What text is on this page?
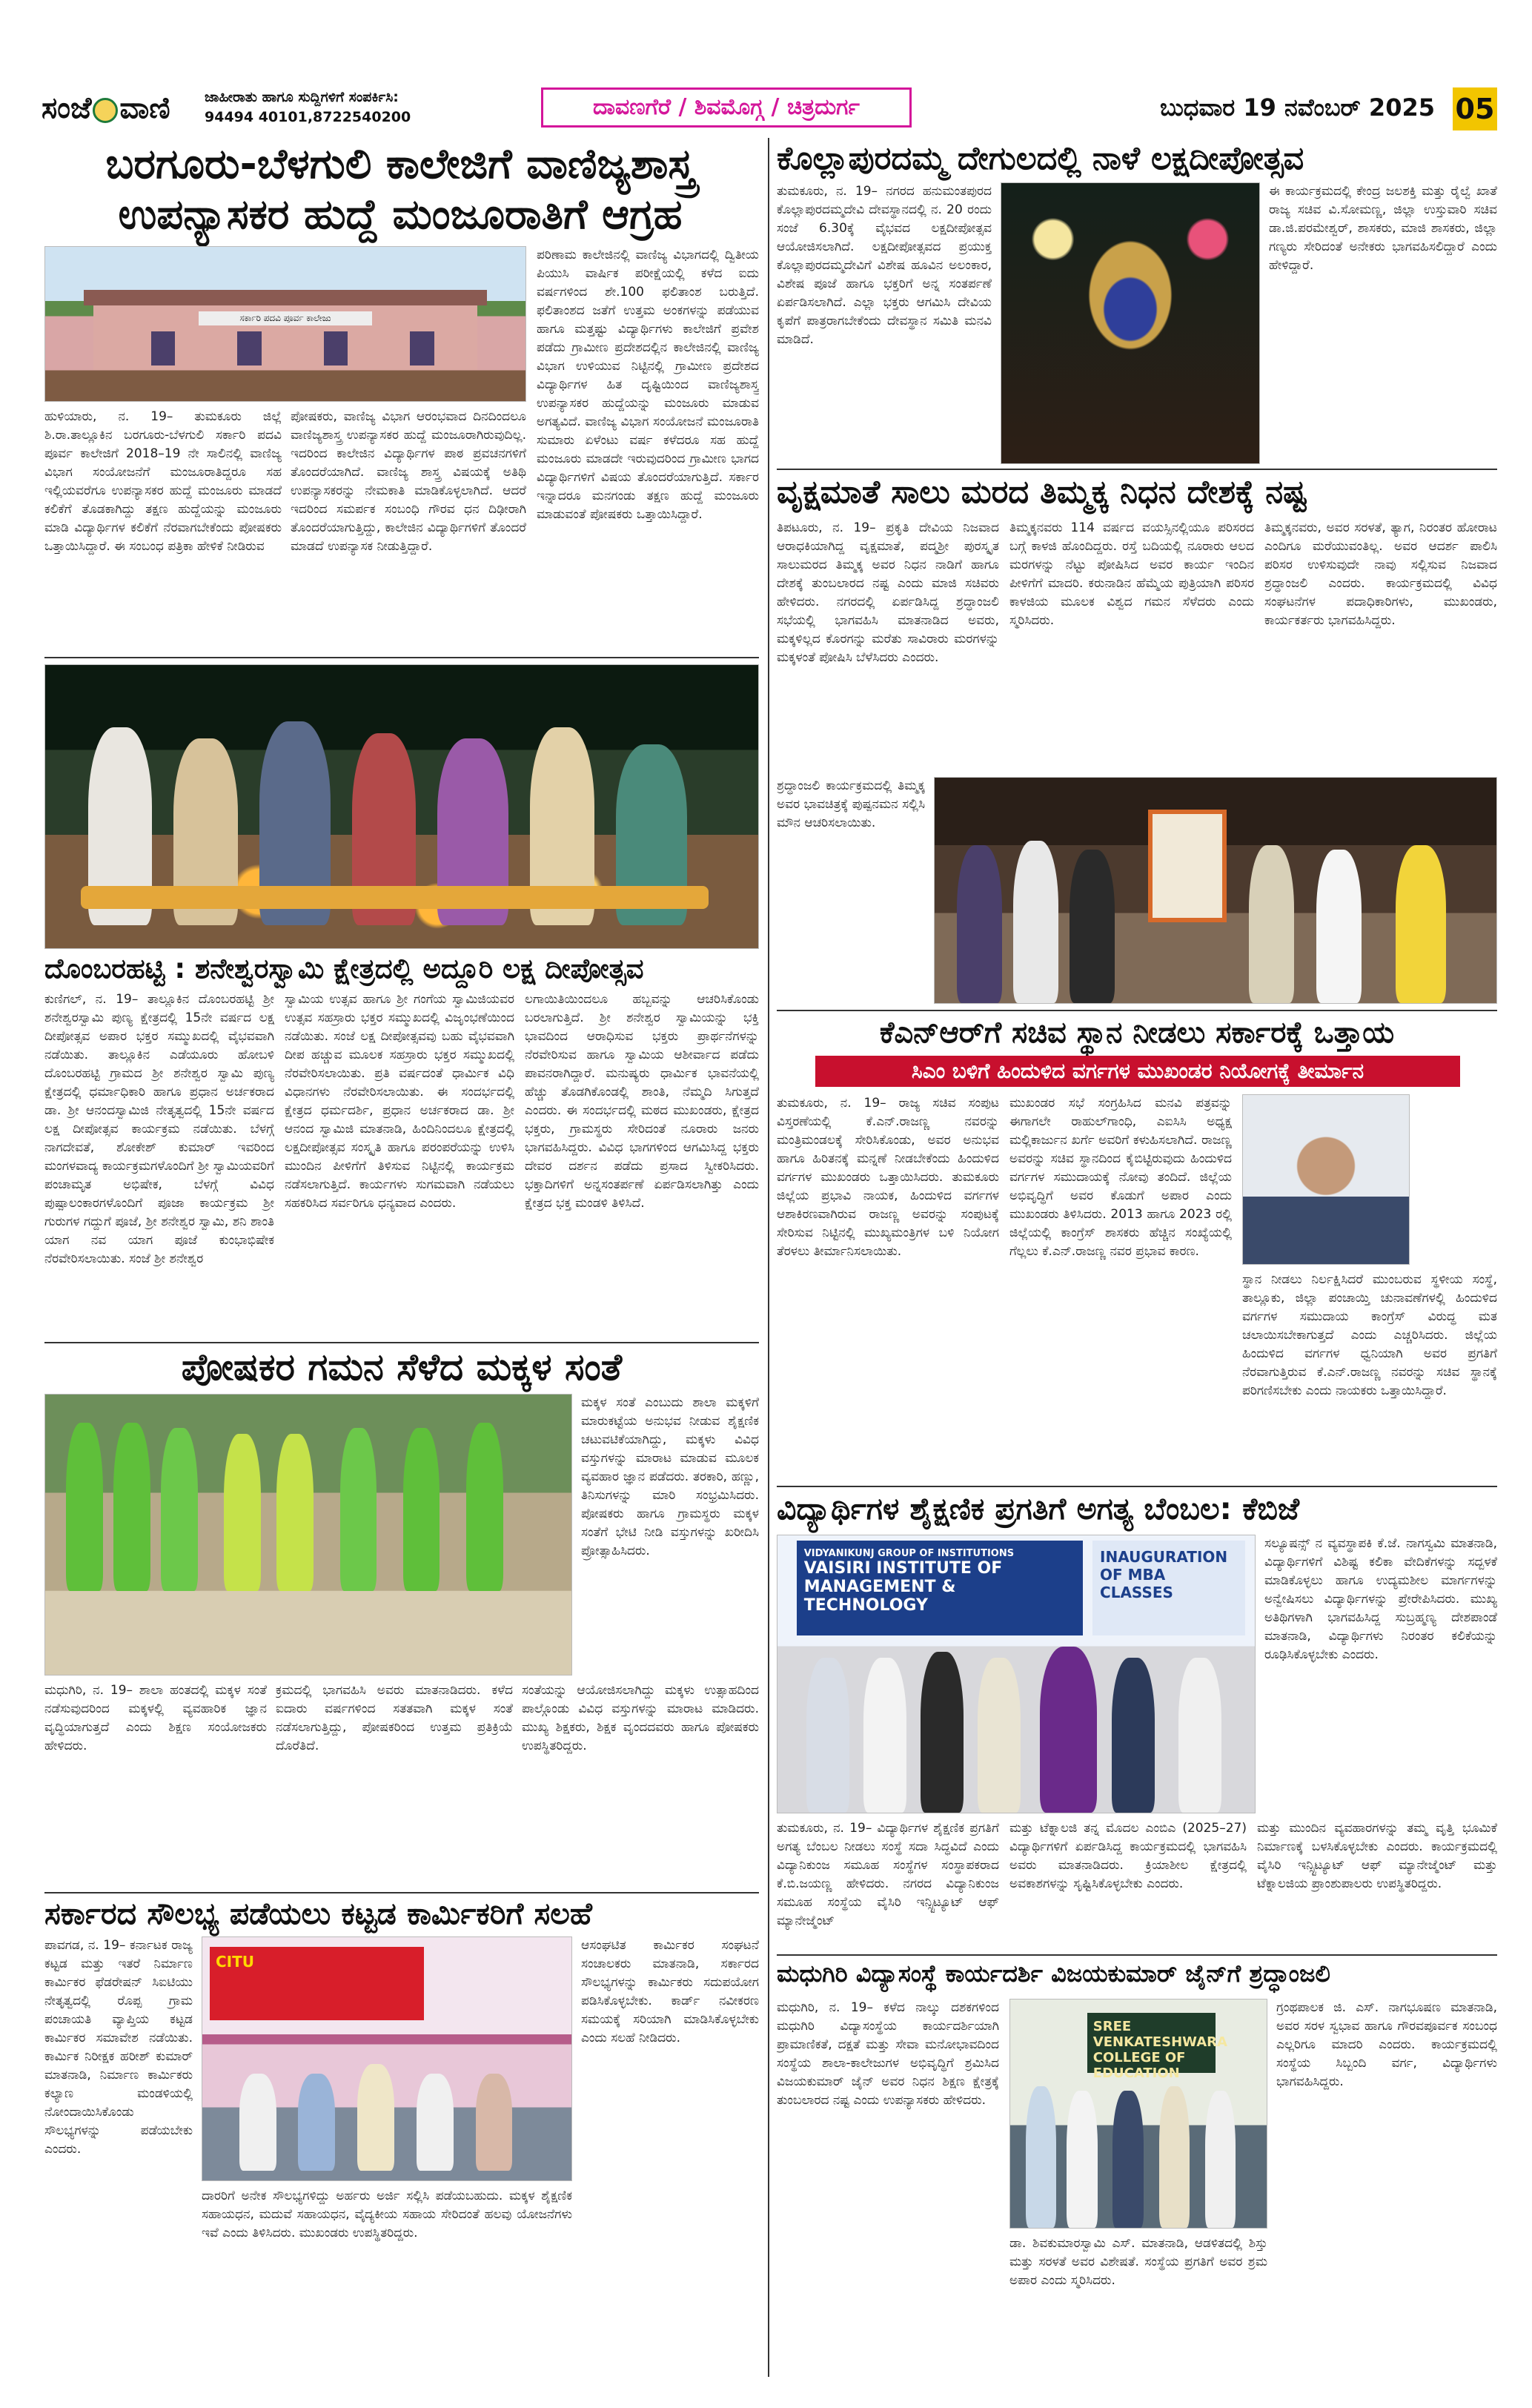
ಸಂಜೆ ವಾಣಿ	ಜಾಹೀರಾತು ಹಾಗೂ ಸುದ್ದಿಗಳಿಗೆ ಸಂಪರ್ಕಿಸಿ:
94494 40101,8722540200	ದಾವಣಗೆರೆ / ಶಿವಮೊಗ್ಗ / ಚಿತ್ರದುರ್ಗ	ಬುಧವಾರ 19 ನವೆಂಬರ್ 2025 05
ಬರಗೂರು-ಬೆಳಗುಲಿ ಕಾಲೇಜಿಗೆ ವಾಣಿಜ್ಯಶಾಸ್ತ್ರ
ಉಪನ್ಯಾಸಕರ ಹುದ್ದೆ ಮಂಜೂರಾತಿಗೆ ಆಗ್ರಹ
ಸರ್ಕಾರಿ ಪದವಿ ಪೂರ್ವ ಕಾಲೇಜು
ಹುಳಿಯಾರು, ನ. 19– ತುಮಕೂರು ಜಿಲ್ಲೆ ಶಿ.ರಾ.ತಾಲ್ಲೂಕಿನ ಬರಗೂರು-ಬೆಳಗುಲಿ ಸರ್ಕಾರಿ ಪದವಿ ಪೂರ್ವ ಕಾಲೇಜಿಗೆ 2018–19 ನೇ ಸಾಲಿನಲ್ಲಿ ವಾಣಿಜ್ಯ ವಿಭಾಗ ಸಂಯೋಜನೆಗೆ ಮಂಜೂರಾತಿದ್ದರೂ ಸಹ ಇಲ್ಲಿಯವರೆಗೂ ಉಪನ್ಯಾಸಕರ ಹುದ್ದೆ ಮಂಜೂರು ಮಾಡದೆ ಕಲಿಕೆಗೆ ತೊಡಕಾಗಿದ್ದು ತಕ್ಷಣ ಹುದ್ದೆಯನ್ನು ಮಂಜೂರು ಮಾಡಿ ವಿದ್ಯಾರ್ಥಿಗಳ ಕಲಿಕೆಗೆ ನೆರವಾಗಬೇಕೆಂದು ಪೋಷಕರು ಒತ್ತಾಯಿಸಿದ್ದಾರೆ. ಈ ಸಂಬಂಧ ಪತ್ರಿಕಾ ಹೇಳಿಕೆ ನೀಡಿರುವ
ಪೋಷಕರು, ವಾಣಿಜ್ಯ ವಿಭಾಗ ಆರಂಭವಾದ ದಿನದಿಂದಲೂ ವಾಣಿಜ್ಯಶಾಸ್ತ್ರ ಉಪನ್ಯಾಸಕರ ಹುದ್ದೆ ಮಂಜೂರಾಗಿರುವುದಿಲ್ಲ. ಇದರಿಂದ ಕಾಲೇಜಿನ ವಿದ್ಯಾರ್ಥಿಗಳ ಪಾಠ ಪ್ರವಚನಗಳಿಗೆ ತೊಂದರೆಯಾಗಿದೆ. ವಾಣಿಜ್ಯ ಶಾಸ್ತ್ರ ವಿಷಯಕ್ಕೆ ಅತಿಥಿ ಉಪನ್ಯಾಸಕರನ್ನು ನೇಮಕಾತಿ ಮಾಡಿಕೊಳ್ಳಲಾಗಿದೆ. ಆದರೆ ಇದರಿಂದ ಸಮರ್ಪಕ ಸಂಬಂಧಿ ಗೌರವ ಧನ ದಿಢೀರಾಗಿ ತೊಂದರೆಯಾಗುತ್ತಿದ್ದು, ಕಾಲೇಜಿನ ವಿದ್ಯಾರ್ಥಿಗಳಿಗೆ ತೊಂದರೆ ಮಾಡದೆ ಉಪನ್ಯಾಸಕ ನೀಡುತ್ತಿದ್ದಾರೆ.
ಪರಿಣಾಮ ಕಾಲೇಜಿನಲ್ಲಿ ವಾಣಿಜ್ಯ ವಿಭಾಗದಲ್ಲಿ ದ್ವಿತೀಯ ಪಿಯುಸಿ ವಾರ್ಷಿಕ ಪರೀಕ್ಷೆಯಲ್ಲಿ ಕಳೆದ ಐದು ವರ್ಷಗಳಿಂದ ಶೇ.100 ಫಲಿತಾಂಶ ಬರುತ್ತಿದೆ. ಫಲಿತಾಂಶದ ಜತೆಗೆ ಉತ್ತಮ ಅಂಕಗಳನ್ನು ಪಡೆಯುವ ಹಾಗೂ ಮತ್ತಷ್ಟು ವಿದ್ಯಾರ್ಥಿಗಳು ಕಾಲೇಜಿಗೆ ಪ್ರವೇಶ ಪಡೆದು ಗ್ರಾಮೀಣ ಪ್ರದೇಶದಲ್ಲಿನ ಕಾಲೇಜಿನಲ್ಲಿ ವಾಣಿಜ್ಯ ವಿಭಾಗ ಉಳಿಯುವ ನಿಟ್ಟಿನಲ್ಲಿ ಗ್ರಾಮೀಣ ಪ್ರದೇಶದ ವಿದ್ಯಾರ್ಥಿಗಳ ಹಿತ ದೃಷ್ಟಿಯಿಂದ ವಾಣಿಜ್ಯಶಾಸ್ತ್ರ ಉಪನ್ಯಾಸಕರ ಹುದ್ದೆಯನ್ನು ಮಂಜೂರು ಮಾಡುವ ಅಗತ್ಯವಿದೆ. ವಾಣಿಜ್ಯ ವಿಭಾಗ ಸಂಯೋಜನೆ ಮಂಜೂರಾತಿ ಸುಮಾರು ಏಳೆಂಟು ವರ್ಷ ಕಳೆದರೂ ಸಹ ಹುದ್ದೆ ಮಂಜೂರು ಮಾಡದೇ ಇರುವುದರಿಂದ ಗ್ರಾಮೀಣ ಭಾಗದ ವಿದ್ಯಾರ್ಥಿಗಳಿಗೆ ವಿಷಯ ತೊಂದರೆಯಾಗುತ್ತಿದೆ. ಸರ್ಕಾರ ಇನ್ನಾದರೂ ಮನಗಂಡು ತಕ್ಷಣ ಹುದ್ದೆ ಮಂಜೂರು ಮಾಡುವಂತೆ ಪೋಷಕರು ಒತ್ತಾಯಿಸಿದ್ದಾರೆ.
ದೊಂಬರಹಟ್ಟಿ : ಶನೇಶ್ವರಸ್ವಾಮಿ ಕ್ಷೇತ್ರದಲ್ಲಿ ಅದ್ದೂರಿ ಲಕ್ಷ ದೀಪೋತ್ಸವ
ಕುಣಿಗಲ್, ನ. 19– ತಾಲ್ಲೂಕಿನ ದೊಂಬರಹಟ್ಟಿ ಶ್ರೀ ಶನೇಶ್ವರಸ್ವಾಮಿ ಪುಣ್ಯ ಕ್ಷೇತ್ರದಲ್ಲಿ 15ನೇ ವರ್ಷದ ಲಕ್ಷ ದೀಪೋತ್ಸವ ಅಪಾರ ಭಕ್ತರ ಸಮ್ಮುಖದಲ್ಲಿ ವೈಭವವಾಗಿ ನಡೆಯಿತು. ತಾಲ್ಲೂಕಿನ ಎಡೆಯೂರು ಹೋಬಳಿ ದೊಂಬರಹಟ್ಟಿ ಗ್ರಾಮದ ಶ್ರೀ ಶನೇಶ್ವರ ಸ್ವಾಮಿ ಪುಣ್ಯ ಕ್ಷೇತ್ರದಲ್ಲಿ ಧರ್ಮಾಧಿಕಾರಿ ಹಾಗೂ ಪ್ರಧಾನ ಅರ್ಚಕರಾದ ಡಾ. ಶ್ರೀ ಆನಂದಸ್ವಾಮಿಜಿ ನೇತೃತ್ವದಲ್ಲಿ 15ನೇ ವರ್ಷದ ಲಕ್ಷ ದೀಪೋತ್ಸವ ಕಾರ್ಯಕ್ರಮ ನಡೆಯಿತು. ಬೆಳಗ್ಗೆ ನಾಗದೇವತೆ, ಶೋಕೇಶ್ ಕುಮಾರ್ ಇವರಿಂದ ಮಂಗಳವಾದ್ಯ ಕಾರ್ಯಕ್ರಮಗಳೊಂದಿಗೆ ಶ್ರೀ ಸ್ವಾಮಿಯವರಿಗೆ ಪಂಚಾಮೃತ ಅಭಿಷೇಕ, ಬೆಳಗ್ಗೆ ವಿವಿಧ ಪುಷ್ಪಾಲಂಕಾರಗಳೊಂದಿಗೆ ಪೂಜಾ ಕಾರ್ಯಕ್ರಮ ಶ್ರೀ ಗುರುಗಳ ಗದ್ದುಗೆ ಪೂಜೆ, ಶ್ರೀ ಶನೇಶ್ವರ ಸ್ವಾಮಿ, ಶನಿ ಶಾಂತಿ ಯಾಗ ನವ ಯಾಗ ಪೂಜೆ ಕುಂಭಾಭಿಷೇಕ ನೆರವೇರಿಸಲಾಯಿತು. ಸಂಜೆ ಶ್ರೀ ಶನೇಶ್ವರ
ಸ್ವಾಮಿಯ ಉತ್ಸವ ಹಾಗೂ ಶ್ರೀ ಗಂಗೆಯ ಸ್ವಾಮಿಜಿಯವರ ಉತ್ಸವ ಸಹಸ್ರಾರು ಭಕ್ತರ ಸಮ್ಮುಖದಲ್ಲಿ ವಿಜೃಂಭಣೆಯಿಂದ ನಡೆಯಿತು. ಸಂಜೆ ಲಕ್ಷ ದೀಪೋತ್ಸವವು ಬಹು ವೈಭವವಾಗಿ ದೀಪ ಹಚ್ಚುವ ಮೂಲಕ ಸಹಸ್ರಾರು ಭಕ್ತರ ಸಮ್ಮುಖದಲ್ಲಿ ನೆರವೇರಿಸಲಾಯಿತು. ಪ್ರತಿ ವರ್ಷದಂತೆ ಧಾರ್ಮಿಕ ವಿಧಿ ವಿಧಾನಗಳು ನೆರವೇರಿಸಲಾಯಿತು. ಈ ಸಂದರ್ಭದಲ್ಲಿ ಕ್ಷೇತ್ರದ ಧರ್ಮದರ್ಶಿ, ಪ್ರಧಾನ ಅರ್ಚಕರಾದ ಡಾ. ಶ್ರೀ ಆನಂದ ಸ್ವಾಮಿಜಿ ಮಾತನಾಡಿ, ಹಿಂದಿನಿಂದಲೂ ಕ್ಷೇತ್ರದಲ್ಲಿ ಲಕ್ಷದೀಪೋತ್ಸವ ಸಂಸ್ಕೃತಿ ಹಾಗೂ ಪರಂಪರೆಯನ್ನು ಉಳಿಸಿ ಮುಂದಿನ ಪೀಳಿಗೆಗೆ ತಿಳಿಸುವ ನಿಟ್ಟಿನಲ್ಲಿ ಕಾರ್ಯಕ್ರಮ ನಡೆಸಲಾಗುತ್ತಿದೆ. ಕಾರ್ಯಗಳು ಸುಗಮವಾಗಿ ನಡೆಯಲು ಸಹಕರಿಸಿದ ಸರ್ವರಿಗೂ ಧನ್ಯವಾದ ಎಂದರು.
ಲಗಾಯಿತಿಯಿಂದಲೂ ಹಬ್ಬವನ್ನು ಆಚರಿಸಿಕೊಂಡು ಬರಲಾಗುತ್ತಿದೆ. ಶ್ರೀ ಶನೇಶ್ವರ ಸ್ವಾಮಿಯನ್ನು ಭಕ್ತಿ ಭಾವದಿಂದ ಆರಾಧಿಸುವ ಭಕ್ತರು ಪ್ರಾರ್ಥನೆಗಳನ್ನು ನೆರವೇರಿಸುವ ಹಾಗೂ ಸ್ವಾಮಿಯ ಆಶೀರ್ವಾದ ಪಡೆದು ಪಾವನರಾಗಿದ್ದಾರೆ. ಮನುಷ್ಯರು ಧಾರ್ಮಿಕ ಭಾವನೆಯಲ್ಲಿ ಹೆಚ್ಚು ತೊಡಗಿಕೊಂಡಲ್ಲಿ ಶಾಂತಿ, ನೆಮ್ಮದಿ ಸಿಗುತ್ತದೆ ಎಂದರು. ಈ ಸಂದರ್ಭದಲ್ಲಿ ಮಠದ ಮುಖಂಡರು, ಕ್ಷೇತ್ರದ ಭಕ್ತರು, ಗ್ರಾಮಸ್ಥರು ಸೇರಿದಂತೆ ನೂರಾರು ಜನರು ಭಾಗವಹಿಸಿದ್ದರು. ವಿವಿಧ ಭಾಗಗಳಿಂದ ಆಗಮಿಸಿದ್ದ ಭಕ್ತರು ದೇವರ ದರ್ಶನ ಪಡೆದು ಪ್ರಸಾದ ಸ್ವೀಕರಿಸಿದರು. ಭಕ್ತಾದಿಗಳಿಗೆ ಅನ್ನಸಂತರ್ಪಣೆ ಏರ್ಪಡಿಸಲಾಗಿತ್ತು ಎಂದು ಕ್ಷೇತ್ರದ ಭಕ್ತ ಮಂಡಳಿ ತಿಳಿಸಿದೆ.
ಪೋಷಕರ ಗಮನ ಸೆಳೆದ ಮಕ್ಕಳ ಸಂತೆ
ಮಕ್ಕಳ ಸಂತೆ ಎಂಬುದು ಶಾಲಾ ಮಕ್ಕಳಿಗೆ ಮಾರುಕಟ್ಟೆಯ ಅನುಭವ ನೀಡುವ ಶೈಕ್ಷಣಿಕ ಚಟುವಟಿಕೆಯಾಗಿದ್ದು, ಮಕ್ಕಳು ವಿವಿಧ ವಸ್ತುಗಳನ್ನು ಮಾರಾಟ ಮಾಡುವ ಮೂಲಕ ವ್ಯವಹಾರ ಜ್ಞಾನ ಪಡೆದರು. ತರಕಾರಿ, ಹಣ್ಣು, ತಿನಿಸುಗಳನ್ನು ಮಾರಿ ಸಂಭ್ರಮಿಸಿದರು. ಪೋಷಕರು ಹಾಗೂ ಗ್ರಾಮಸ್ಥರು ಮಕ್ಕಳ ಸಂತೆಗೆ ಭೇಟಿ ನೀಡಿ ವಸ್ತುಗಳನ್ನು ಖರೀದಿಸಿ ಪ್ರೋತ್ಸಾಹಿಸಿದರು.
ಮಧುಗಿರಿ, ನ. 19– ಶಾಲಾ ಹಂತದಲ್ಲಿ ಮಕ್ಕಳ ಸಂತೆ ನಡೆಸುವುದರಿಂದ ಮಕ್ಕಳಲ್ಲಿ ವ್ಯವಹಾರಿಕ ಜ್ಞಾನ ವೃದ್ಧಿಯಾಗುತ್ತದೆ ಎಂದು ಶಿಕ್ಷಣ ಸಂಯೋಜಕರು ಹೇಳಿದರು.
ಕ್ರಮದಲ್ಲಿ ಭಾಗವಹಿಸಿ ಅವರು ಮಾತನಾಡಿದರು. ಕಳೆದ ಐದಾರು ವರ್ಷಗಳಿಂದ ಸತತವಾಗಿ ಮಕ್ಕಳ ಸಂತೆ ನಡೆಸಲಾಗುತ್ತಿದ್ದು, ಪೋಷಕರಿಂದ ಉತ್ತಮ ಪ್ರತಿಕ್ರಿಯೆ ದೊರೆತಿದೆ.
ಸಂತೆಯನ್ನು ಆಯೋಜಿಸಲಾಗಿದ್ದು ಮಕ್ಕಳು ಉತ್ಸಾಹದಿಂದ ಪಾಲ್ಗೊಂಡು ವಿವಿಧ ವಸ್ತುಗಳನ್ನು ಮಾರಾಟ ಮಾಡಿದರು. ಮುಖ್ಯ ಶಿಕ್ಷಕರು, ಶಿಕ್ಷಕ ವೃಂದದವರು ಹಾಗೂ ಪೋಷಕರು ಉಪಸ್ಥಿತರಿದ್ದರು.
ಸರ್ಕಾರದ ಸೌಲಭ್ಯ ಪಡೆಯಲು ಕಟ್ಟಡ ಕಾರ್ಮಿಕರಿಗೆ ಸಲಹೆ
ಪಾವಗಡ, ನ. 19– ಕರ್ನಾಟಕ ರಾಜ್ಯ ಕಟ್ಟಡ ಮತ್ತು ಇತರೆ ನಿರ್ಮಾಣ ಕಾರ್ಮಿಕರ ಫೆಡರೇಷನ್ ಸಿಐಟಿಯು ನೇತೃತ್ವದಲ್ಲಿ ರೊಪ್ಪ ಗ್ರಾಮ ಪಂಚಾಯತಿ ವ್ಯಾಪ್ತಿಯ ಕಟ್ಟಡ ಕಾರ್ಮಿಕರ ಸಮಾವೇಶ ನಡೆಯಿತು. ಕಾರ್ಮಿಕ ನಿರೀಕ್ಷಕ ಹರೀಶ್ ಕುಮಾರ್ ಮಾತನಾಡಿ, ನಿರ್ಮಾಣ ಕಾರ್ಮಿಕರು ಕಲ್ಯಾಣ ಮಂಡಳಿಯಲ್ಲಿ ನೋಂದಾಯಿಸಿಕೊಂಡು ಸೌಲಭ್ಯಗಳನ್ನು ಪಡೆಯಬೇಕು ಎಂದರು.
CITU
ದಾರರಿಗೆ ಅನೇಕ ಸೌಲಭ್ಯಗಳಿದ್ದು ಅರ್ಹರು ಅರ್ಜಿ ಸಲ್ಲಿಸಿ ಪಡೆಯಬಹುದು. ಮಕ್ಕಳ ಶೈಕ್ಷಣಿಕ ಸಹಾಯಧನ, ಮದುವೆ ಸಹಾಯಧನ, ವೈದ್ಯಕೀಯ ಸಹಾಯ ಸೇರಿದಂತೆ ಹಲವು ಯೋಜನೆಗಳು ಇವೆ ಎಂದು ತಿಳಿಸಿದರು. ಮುಖಂಡರು ಉಪಸ್ಥಿತರಿದ್ದರು.
ಆಸಂಘಟಿತ ಕಾರ್ಮಿಕರ ಸಂಘಟನೆ ಸಂಚಾಲಕರು ಮಾತನಾಡಿ, ಸರ್ಕಾರದ ಸೌಲಭ್ಯಗಳನ್ನು ಕಾರ್ಮಿಕರು ಸದುಪಯೋಗ ಪಡಿಸಿಕೊಳ್ಳಬೇಕು. ಕಾರ್ಡ್ ನವೀಕರಣ ಸಮಯಕ್ಕೆ ಸರಿಯಾಗಿ ಮಾಡಿಸಿಕೊಳ್ಳಬೇಕು ಎಂದು ಸಲಹೆ ನೀಡಿದರು.
ಕೊಲ್ಲಾಪುರದಮ್ಮ ದೇಗುಲದಲ್ಲಿ ನಾಳೆ ಲಕ್ಷದೀಪೋತ್ಸವ
ತುಮಕೂರು, ನ. 19– ನಗರದ ಹನುಮಂತಪುರದ ಕೊಲ್ಲಾಪುರದಮ್ಮದೇವಿ ದೇವಸ್ಥಾನದಲ್ಲಿ ನ. 20 ರಂದು ಸಂಜೆ 6.30ಕ್ಕೆ ವೈಭವದ ಲಕ್ಷದೀಪೋತ್ಸವ ಆಯೋಜಿಸಲಾಗಿದೆ. ಲಕ್ಷದೀಪೋತ್ಸವದ ಪ್ರಯುಕ್ತ ಕೊಲ್ಲಾಪುರದಮ್ಮದೇವಿಗೆ ವಿಶೇಷ ಹೂವಿನ ಅಲಂಕಾರ, ವಿಶೇಷ ಪೂಜೆ ಹಾಗೂ ಭಕ್ತರಿಗೆ ಅನ್ನ ಸಂತರ್ಪಣೆ ಏರ್ಪಡಿಸಲಾಗಿದೆ. ಎಲ್ಲಾ ಭಕ್ತರು ಆಗಮಿಸಿ ದೇವಿಯ ಕೃಪೆಗೆ ಪಾತ್ರರಾಗಬೇಕೆಂದು ದೇವಸ್ಥಾನ ಸಮಿತಿ ಮನವಿ ಮಾಡಿದೆ.
ಈ ಕಾರ್ಯಕ್ರಮದಲ್ಲಿ ಕೇಂದ್ರ ಜಲಶಕ್ತಿ ಮತ್ತು ರೈಲ್ವೆ ಖಾತೆ ರಾಜ್ಯ ಸಚಿವ ವಿ.ಸೋಮಣ್ಣ, ಜಿಲ್ಲಾ ಉಸ್ತುವಾರಿ ಸಚಿವ ಡಾ.ಜಿ.ಪರಮೇಶ್ವರ್, ಶಾಸಕರು, ಮಾಜಿ ಶಾಸಕರು, ಜಿಲ್ಲಾ ಗಣ್ಯರು ಸೇರಿದಂತೆ ಅನೇಕರು ಭಾಗವಹಿಸಲಿದ್ದಾರೆ ಎಂದು ಹೇಳಿದ್ದಾರೆ.
ವೃಕ್ಷಮಾತೆ ಸಾಲು ಮರದ ತಿಮ್ಮಕ್ಕ ನಿಧನ ದೇಶಕ್ಕೆ ನಷ್ಟ
ತಿಪಟೂರು, ನ. 19– ಪ್ರಕೃತಿ ದೇವಿಯ ನಿಜವಾದ ಆರಾಧಕಿಯಾಗಿದ್ದ ವೃಕ್ಷಮಾತೆ, ಪದ್ಮಶ್ರೀ ಪುರಸ್ಕೃತ ಸಾಲುಮರದ ತಿಮ್ಮಕ್ಕ ಅವರ ನಿಧನ ನಾಡಿಗೆ ಹಾಗೂ ದೇಶಕ್ಕೆ ತುಂಬಲಾರದ ನಷ್ಟ ಎಂದು ಮಾಜಿ ಸಚಿವರು ಹೇಳಿದರು. ನಗರದಲ್ಲಿ ಏರ್ಪಡಿಸಿದ್ದ ಶ್ರದ್ಧಾಂಜಲಿ ಸಭೆಯಲ್ಲಿ ಭಾಗವಹಿಸಿ ಮಾತನಾಡಿದ ಅವರು, ಮಕ್ಕಳಿಲ್ಲದ ಕೊರಗನ್ನು ಮರೆತು ಸಾವಿರಾರು ಮರಗಳನ್ನು ಮಕ್ಕಳಂತೆ ಪೋಷಿಸಿ ಬೆಳೆಸಿದರು ಎಂದರು.
ತಿಮ್ಮಕ್ಕನವರು 114 ವರ್ಷದ ವಯಸ್ಸಿನಲ್ಲಿಯೂ ಪರಿಸರದ ಬಗ್ಗೆ ಕಾಳಜಿ ಹೊಂದಿದ್ದರು. ರಸ್ತೆ ಬದಿಯಲ್ಲಿ ನೂರಾರು ಆಲದ ಮರಗಳನ್ನು ನೆಟ್ಟು ಪೋಷಿಸಿದ ಅವರ ಕಾರ್ಯ ಇಂದಿನ ಪೀಳಿಗೆಗೆ ಮಾದರಿ. ಕರುನಾಡಿನ ಹೆಮ್ಮೆಯ ಪುತ್ರಿಯಾಗಿ ಪರಿಸರ ಕಾಳಜಿಯ ಮೂಲಕ ವಿಶ್ವದ ಗಮನ ಸೆಳೆದರು ಎಂದು ಸ್ಮರಿಸಿದರು.
ತಿಮ್ಮಕ್ಕನವರು, ಅವರ ಸರಳತೆ, ತ್ಯಾಗ, ನಿರಂತರ ಹೋರಾಟ ಎಂದಿಗೂ ಮರೆಯುವಂತಿಲ್ಲ. ಅವರ ಆದರ್ಶ ಪಾಲಿಸಿ ಪರಿಸರ ಉಳಿಸುವುದೇ ನಾವು ಸಲ್ಲಿಸುವ ನಿಜವಾದ ಶ್ರದ್ಧಾಂಜಲಿ ಎಂದರು. ಕಾರ್ಯಕ್ರಮದಲ್ಲಿ ವಿವಿಧ ಸಂಘಟನೆಗಳ ಪದಾಧಿಕಾರಿಗಳು, ಮುಖಂಡರು, ಕಾರ್ಯಕರ್ತರು ಭಾಗವಹಿಸಿದ್ದರು.
ಶ್ರದ್ಧಾಂಜಲಿ ಕಾರ್ಯಕ್ರಮದಲ್ಲಿ ತಿಮ್ಮಕ್ಕ ಅವರ ಭಾವಚಿತ್ರಕ್ಕೆ ಪುಷ್ಪನಮನ ಸಲ್ಲಿಸಿ ಮೌನ ಆಚರಿಸಲಾಯಿತು.
ಕೆಎನ್‌ಆರ್‌ಗೆ ಸಚಿವ ಸ್ಥಾನ ನೀಡಲು ಸರ್ಕಾರಕ್ಕೆ ಒತ್ತಾಯ
ಸಿಎಂ ಬಳಿಗೆ ಹಿಂದುಳಿದ ವರ್ಗಗಳ ಮುಖಂಡರ ನಿಯೋಗಕ್ಕೆ ತೀರ್ಮಾನ
ತುಮಕೂರು, ನ. 19– ರಾಜ್ಯ ಸಚಿವ ಸಂಪುಟ ವಿಸ್ತರಣೆಯಲ್ಲಿ ಕೆ.ಎನ್.ರಾಜಣ್ಣ ನವರನ್ನು ಮಂತ್ರಿಮಂಡಲಕ್ಕೆ ಸೇರಿಸಿಕೊಂಡು, ಅವರ ಅನುಭವ ಹಾಗೂ ಹಿರಿತನಕ್ಕೆ ಮನ್ನಣೆ ನೀಡಬೇಕೆಂದು ಹಿಂದುಳಿದ ವರ್ಗಗಳ ಮುಖಂಡರು ಒತ್ತಾಯಿಸಿದರು. ತುಮಕೂರು ಜಿಲ್ಲೆಯ ಪ್ರಭಾವಿ ನಾಯಕ, ಹಿಂದುಳಿದ ವರ್ಗಗಳ ಆಶಾಕಿರಣವಾಗಿರುವ ರಾಜಣ್ಣ ಅವರನ್ನು ಸಂಪುಟಕ್ಕೆ ಸೇರಿಸುವ ನಿಟ್ಟಿನಲ್ಲಿ ಮುಖ್ಯಮಂತ್ರಿಗಳ ಬಳಿ ನಿಯೋಗ ತೆರಳಲು ತೀರ್ಮಾನಿಸಲಾಯಿತು.
ಮುಖಂಡರ ಸಭೆ ಸಂಗ್ರಹಿಸಿದ ಮನವಿ ಪತ್ರವನ್ನು ಈಗಾಗಲೇ ರಾಹುಲ್‌ಗಾಂಧಿ, ಎಐಸಿಸಿ ಅಧ್ಯಕ್ಷ ಮಲ್ಲಿಕಾರ್ಜುನ ಖರ್ಗೆ ಅವರಿಗೆ ಕಳುಹಿಸಲಾಗಿದೆ. ರಾಜಣ್ಣ ಅವರನ್ನು ಸಚಿವ ಸ್ಥಾನದಿಂದ ಕೈಬಿಟ್ಟಿರುವುದು ಹಿಂದುಳಿದ ವರ್ಗಗಳ ಸಮುದಾಯಕ್ಕೆ ನೋವು ತಂದಿದೆ. ಜಿಲ್ಲೆಯ ಅಭಿವೃದ್ಧಿಗೆ ಅವರ ಕೊಡುಗೆ ಅಪಾರ ಎಂದು ಮುಖಂಡರು ತಿಳಿಸಿದರು. 2013 ಹಾಗೂ 2023 ರಲ್ಲಿ ಜಿಲ್ಲೆಯಲ್ಲಿ ಕಾಂಗ್ರೆಸ್ ಶಾಸಕರು ಹೆಚ್ಚಿನ ಸಂಖ್ಯೆಯಲ್ಲಿ ಗೆಲ್ಲಲು ಕೆ.ಎನ್.ರಾಜಣ್ಣ ನವರ ಪ್ರಭಾವ ಕಾರಣ.
ಸ್ಥಾನ ನೀಡಲು ನಿರ್ಲಕ್ಷಿಸಿದರೆ ಮುಂಬರುವ ಸ್ಥಳೀಯ ಸಂಸ್ಥೆ, ತಾಲ್ಲೂಕು, ಜಿಲ್ಲಾ ಪಂಚಾಯ್ತಿ ಚುನಾವಣೆಗಳಲ್ಲಿ ಹಿಂದುಳಿದ ವರ್ಗಗಳ ಸಮುದಾಯ ಕಾಂಗ್ರೆಸ್ ವಿರುದ್ಧ ಮತ ಚಲಾಯಿಸಬೇಕಾಗುತ್ತದೆ ಎಂದು ಎಚ್ಚರಿಸಿದರು. ಜಿಲ್ಲೆಯ ಹಿಂದುಳಿದ ವರ್ಗಗಳ ಧ್ವನಿಯಾಗಿ ಅವರ ಪ್ರಗತಿಗೆ ನೆರವಾಗುತ್ತಿರುವ ಕೆ.ಎನ್.ರಾಜಣ್ಣ ನವರನ್ನು ಸಚಿವ ಸ್ಥಾನಕ್ಕೆ ಪರಿಗಣಿಸಬೇಕು ಎಂದು ನಾಯಕರು ಒತ್ತಾಯಿಸಿದ್ದಾರೆ.
ವಿದ್ಯಾರ್ಥಿಗಳ ಶೈಕ್ಷಣಿಕ ಪ್ರಗತಿಗೆ ಅಗತ್ಯ ಬೆಂಬಲ: ಕೆಬಿಜೆ
VIDYANIKUNJ GROUP OF INSTITUTIONS
VAISIRI INSTITUTE OF MANAGEMENT & TECHNOLOGY
INAUGURATION OF MBA CLASSES
ಸಲ್ಯೂಷನ್ಸ್ ನ ವ್ಯವಸ್ಥಾಪಕಿ ಕೆ.ಜೆ. ನಾಗಸ್ವಮಿ ಮಾತನಾಡಿ, ವಿದ್ಯಾರ್ಥಿಗಳಿಗೆ ವಿಶಿಷ್ಟ ಕಲಿಕಾ ವೇದಿಕೆಗಳನ್ನು ಸದ್ಬಳಕೆ ಮಾಡಿಕೊಳ್ಳಲು ಹಾಗೂ ಉದ್ಯಮಶೀಲ ಮಾರ್ಗಗಳನ್ನು ಅನ್ವೇಷಿಸಲು ವಿದ್ಯಾರ್ಥಿಗಳನ್ನು ಪ್ರೇರೇಪಿಸಿದರು. ಮುಖ್ಯ ಅತಿಥಿಗಳಾಗಿ ಭಾಗವಹಿಸಿದ್ದ ಸುಬ್ರಹ್ಮಣ್ಯ ದೇಶಪಾಂಡೆ ಮಾತನಾಡಿ, ವಿದ್ಯಾರ್ಥಿಗಳು ನಿರಂತರ ಕಲಿಕೆಯನ್ನು ರೂಢಿಸಿಕೊಳ್ಳಬೇಕು ಎಂದರು.
ತುಮಕೂರು, ನ. 19– ವಿದ್ಯಾರ್ಥಿಗಳ ಶೈಕ್ಷಣಿಕ ಪ್ರಗತಿಗೆ ಅಗತ್ಯ ಬೆಂಬಲ ನೀಡಲು ಸಂಸ್ಥೆ ಸದಾ ಸಿದ್ಧವಿದೆ ಎಂದು ವಿದ್ಯಾನಿಕುಂಜ ಸಮೂಹ ಸಂಸ್ಥೆಗಳ ಸಂಸ್ಥಾಪಕರಾದ ಕೆ.ಬಿ.ಜಯಣ್ಣ ಹೇಳಿದರು. ನಗರದ ವಿದ್ಯಾನಿಕುಂಜ ಸಮೂಹ ಸಂಸ್ಥೆಯ ವೈಸಿರಿ ಇನ್ಸ್ಟಿಟ್ಯೂಟ್ ಆಫ್ ಮ್ಯಾನೇಜ್ಮೆಂಟ್
ಮತ್ತು ಟೆಕ್ನಾಲಜಿ ತನ್ನ ಮೊದಲ ಎಂಬಿಎ (2025–27) ವಿದ್ಯಾರ್ಥಿಗಳಿಗೆ ಏರ್ಪಡಿಸಿದ್ದ ಕಾರ್ಯಕ್ರಮದಲ್ಲಿ ಭಾಗವಹಿಸಿ ಅವರು ಮಾತನಾಡಿದರು. ಕ್ರಿಯಾಶೀಲ ಕ್ಷೇತ್ರದಲ್ಲಿ ಅವಕಾಶಗಳನ್ನು ಸೃಷ್ಟಿಸಿಕೊಳ್ಳಬೇಕು ಎಂದರು.
ಮತ್ತು ಮುಂದಿನ ವ್ಯವಹಾರಗಳನ್ನು ತಮ್ಮ ವೃತ್ತಿ ಭೂಮಿಕೆ ನಿರ್ಮಾಣಕ್ಕೆ ಬಳಸಿಕೊಳ್ಳಬೇಕು ಎಂದರು. ಕಾರ್ಯಕ್ರಮದಲ್ಲಿ ವೈಸಿರಿ ಇನ್ಸ್ಟಿಟ್ಯೂಟ್ ಆಫ್ ಮ್ಯಾನೇಜ್ಮೆಂಟ್ ಮತ್ತು ಟೆಕ್ನಾಲಜಿಯ ಪ್ರಾಂಶುಪಾಲರು ಉಪಸ್ಥಿತರಿದ್ದರು.
ಮಧುಗಿರಿ ವಿದ್ಯಾಸಂಸ್ಥೆ ಕಾರ್ಯದರ್ಶಿ ವಿಜಯಕುಮಾರ್ ಜೈನ್‌ಗೆ ಶ್ರದ್ಧಾಂಜಲಿ
ಮಧುಗಿರಿ, ನ. 19– ಕಳೆದ ನಾಲ್ಕು ದಶಕಗಳಿಂದ ಮಧುಗಿರಿ ವಿದ್ಯಾಸಂಸ್ಥೆಯ ಕಾರ್ಯದರ್ಶಿಯಾಗಿ ಪ್ರಾಮಾಣಿಕತೆ, ದಕ್ಷತೆ ಮತ್ತು ಸೇವಾ ಮನೋಭಾವದಿಂದ ಸಂಸ್ಥೆಯ ಶಾಲಾ-ಕಾಲೇಜುಗಳ ಅಭಿವೃದ್ಧಿಗೆ ಶ್ರಮಿಸಿದ ವಿಜಯಕುಮಾರ್ ಜೈನ್ ಅವರ ನಿಧನ ಶಿಕ್ಷಣ ಕ್ಷೇತ್ರಕ್ಕೆ ತುಂಬಲಾರದ ನಷ್ಟ ಎಂದು ಉಪನ್ಯಾಸಕರು ಹೇಳಿದರು.
SREE VENKATESHWARA COLLEGE OF EDUCATION
ಡಾ. ಶಿವಕುಮಾರಸ್ವಾಮಿ ಎಸ್. ಮಾತನಾಡಿ, ಆಡಳಿತದಲ್ಲಿ ಶಿಸ್ತು ಮತ್ತು ಸರಳತೆ ಅವರ ವಿಶೇಷತೆ. ಸಂಸ್ಥೆಯ ಪ್ರಗತಿಗೆ ಅವರ ಶ್ರಮ ಅಪಾರ ಎಂದು ಸ್ಮರಿಸಿದರು.
ಗ್ರಂಥಪಾಲಕ ಜಿ. ಎಸ್. ನಾಗಭೂಷಣ ಮಾತನಾಡಿ, ಅವರ ಸರಳ ಸ್ವಭಾವ ಹಾಗೂ ಗೌರವಪೂರ್ವಕ ಸಂಬಂಧ ಎಲ್ಲರಿಗೂ ಮಾದರಿ ಎಂದರು. ಕಾರ್ಯಕ್ರಮದಲ್ಲಿ ಸಂಸ್ಥೆಯ ಸಿಬ್ಬಂದಿ ವರ್ಗ, ವಿದ್ಯಾರ್ಥಿಗಳು ಭಾಗವಹಿಸಿದ್ದರು.
